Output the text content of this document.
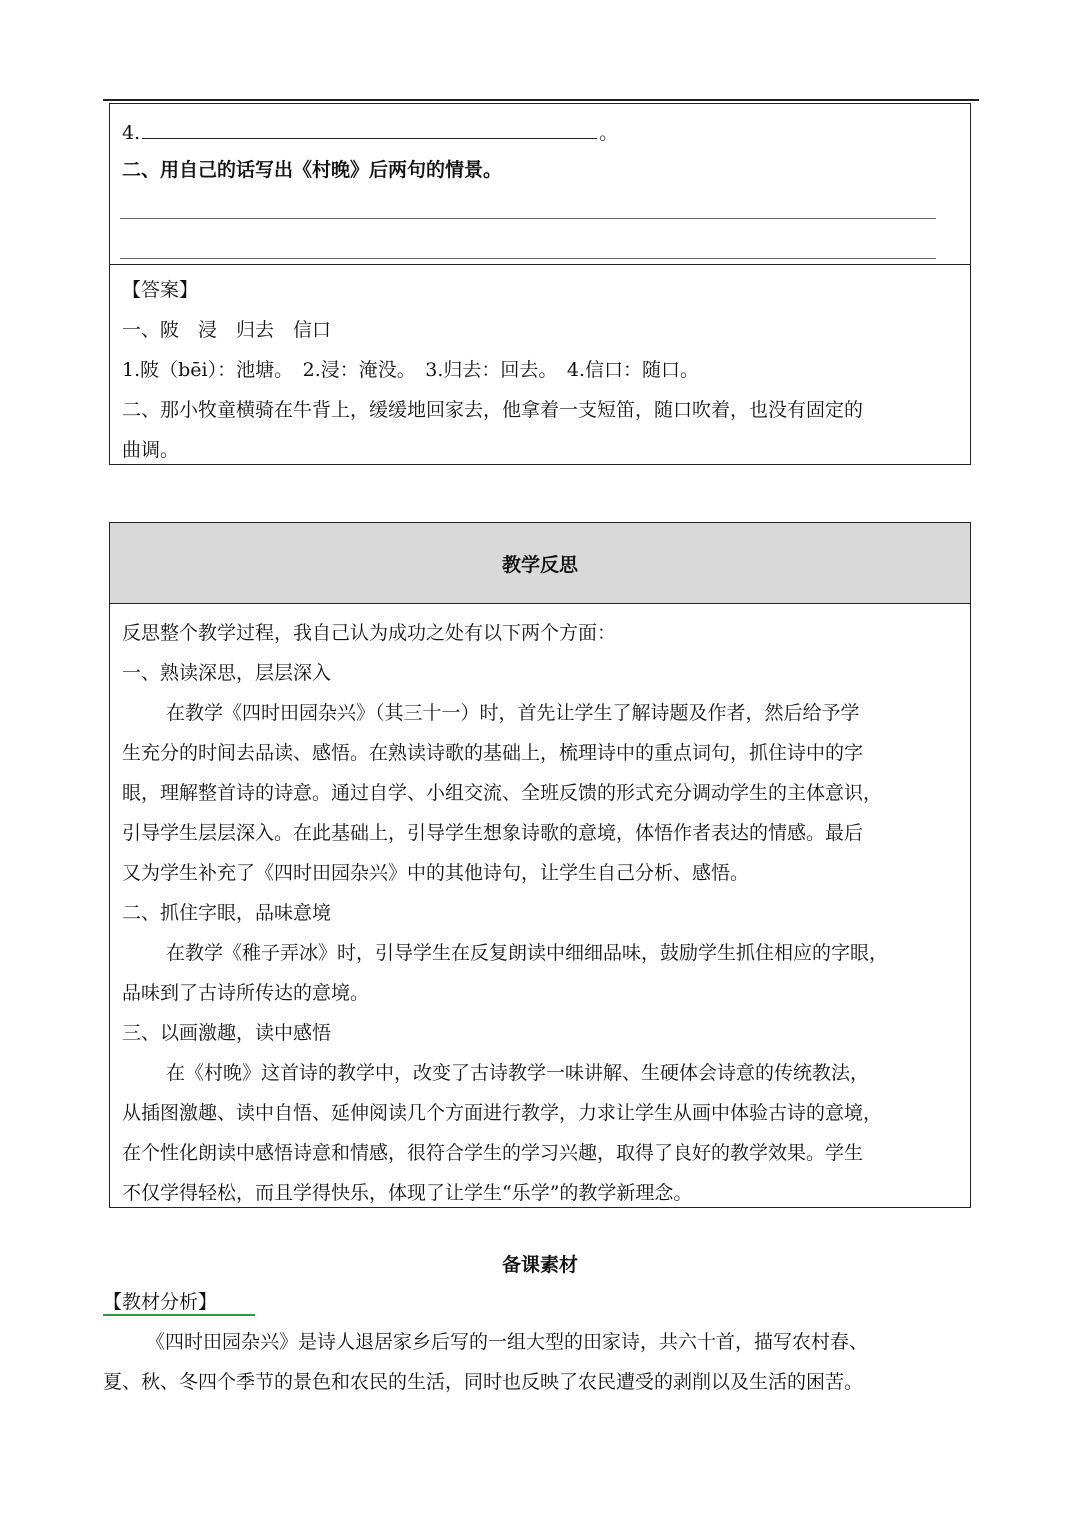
4.	。
二、用自己的话写出《村晚》后两句的情景。
【答案】
一、陂　浸　归去　信口
1.陂（bēi）：池塘。　2.浸：淹没。　3.归去：回去。　4.信口：随口。
二、那小牧童横骑在牛背上，缓缓地回家去，他拿着一支短笛，随口吹着，也没有固定的
曲调。
教学反思
反思整个教学过程，我自己认为成功之处有以下两个方面：
一、熟读深思，层层深入
在教学《四时田园杂兴》（其三十一）时，首先让学生了解诗题及作者，然后给予学
生充分的时间去品读、感悟。在熟读诗歌的基础上，梳理诗中的重点词句，抓住诗中的字
眼，理解整首诗的诗意。通过自学、小组交流、全班反馈的形式充分调动学生的主体意识，
引导学生层层深入。在此基础上，引导学生想象诗歌的意境，体悟作者表达的情感。最后
又为学生补充了《四时田园杂兴》中的其他诗句，让学生自己分析、感悟。
二、抓住字眼，品味意境
在教学《稚子弄冰》时，引导学生在反复朗读中细细品味，鼓励学生抓住相应的字眼，
品味到了古诗所传达的意境。
三、以画激趣，读中感悟
在《村晚》这首诗的教学中，改变了古诗教学一味讲解、生硬体会诗意的传统教法，
从插图激趣、读中自悟、延伸阅读几个方面进行教学，力求让学生从画中体验古诗的意境，
在个性化朗读中感悟诗意和情感，很符合学生的学习兴趣，取得了良好的教学效果。学生
不仅学得轻松，而且学得快乐，体现了让学生“乐学”的教学新理念。
备课素材
【教材分析】
《四时田园杂兴》是诗人退居家乡后写的一组大型的田家诗，共六十首，描写农村春、
夏、秋、冬四个季节的景色和农民的生活，同时也反映了农民遭受的剥削以及生活的困苦。
